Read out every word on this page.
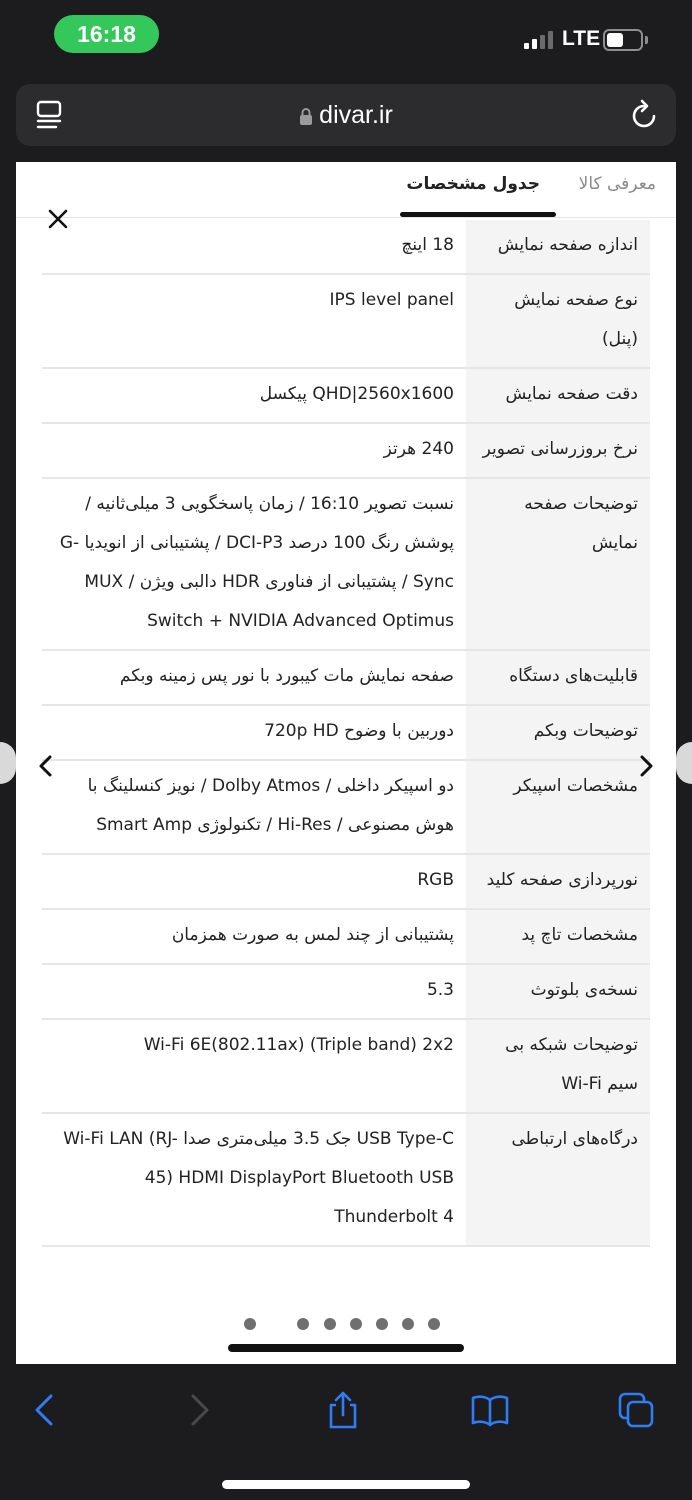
16:18	LTE
divar.ir
معرفی کالا
جدول مشخصات
اندازه صفحه نمایش
18 اینچ
نوع صفحه نمایش (پنل)
IPS level panel
دقت صفحه نمایش
QHD|2560x1600 پیکسل
نرخ بروزرسانی تصویر
240 هرتز
توضیحات صفحه نمایش
نسبت تصویر 16:10 / زمان پاسخگویی 3 میلی‌ثانیه / پوشش رنگ 100 درصد DCI-P3 / پشتیبانی از انویدیا G-Sync / پشتیبانی از فناوری HDR دالبی ویژن / MUX Switch + NVIDIA Advanced Optimus
قابلیت‌های دستگاه
صفحه نمایش مات کیبورد با نور پس زمینه وبکم
توضیحات وبکم
دوربین با وضوح 720p HD
مشخصات اسپیکر
دو اسپیکر داخلی / Dolby Atmos / نویز کنسلینگ با هوش مصنوعی / Hi-Res / تکنولوژی Smart Amp
نورپردازی صفحه کلید
RGB
مشخصات تاچ پد
پشتیبانی از چند لمس به صورت همزمان
نسخه‌ی بلوتوث
5.3
توضیحات شبکه بی سیم Wi-Fi
Wi-Fi 6E(802.11ax) (Triple band) 2x2
درگاه‌های ارتباطی
USB Type-C جک 3.5 میلی‌متری صدا Wi-Fi LAN (RJ-45) HDMI DisplayPort Bluetooth USB Thunderbolt 4
